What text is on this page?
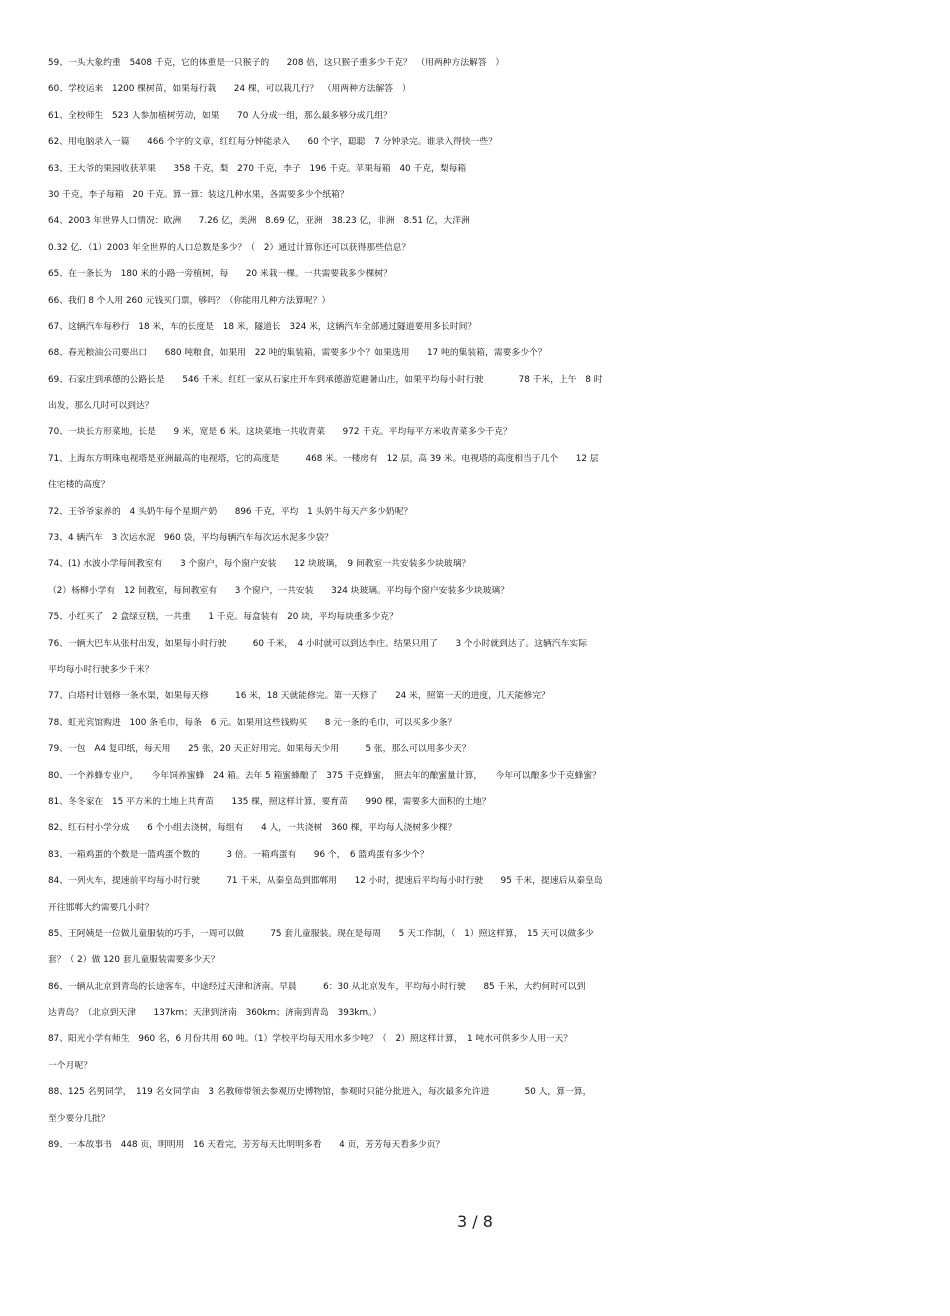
59、一头大象约重　5408 千克，它的体重是一只猴子的　　208 倍，这只猴子重多少千克？　（用两种方法解答　）
60、学校运来　1200 棵树苗，如果每行栽　　24 棵，可以栽几行？　（用两种方法解答　）
61、全校师生　523 人参加植树劳动，如果　　70 人分成一组，那么最多够分成几组？
62、用电脑录入一篇　　466 个字的文章，红红每分钟能录入　　60 个字，聪聪　7 分钟录完。谁录入得快一些？
63、王大爷的果园收获苹果　　358 千克，梨　270 千克，李子　196 千克。苹果每箱　40 千克，梨每箱
30 千克，李子每箱　20 千克。算一算：装这几种水果，各需要多少个纸箱？
64、2003 年世界人口情况：欧洲　　7.26 亿，美洲　8.69 亿，亚洲　38.23 亿，非洲　8.51 亿，大洋洲
0.32 亿．（1）2003 年全世界的人口总数是多少？（　2）通过计算你还可以获得那些信息？
65、在一条长为　180 米的小路一旁植树，每　　20 米栽一棵。一共需要栽多少棵树？
66、我们 8 个人用 260 元钱买门票，够吗？（你能用几种方法算呢？）
67、这辆汽车每秒行　18 米，车的长度是　18 米，隧道长　324 米，这辆汽车全部通过隧道要用多长时间？
68、春光粮油公司要出口　　680 吨粮食，如果用　22 吨的集装箱，需要多少个？如果选用　　17 吨的集装箱，需要多少个？
69、石家庄到承德的公路长是　　546 千米。红红一家从石家庄开车到承德游览避暑山庄，如果平均每小时行驶　　　　78 千米，上午　8 时
出发，那么几时可以到达？
70、一块长方形菜地，长是　　9 米，宽是 6 米。这块菜地一共收青菜　　972 千克。平均每平方米收青菜多少千克？
71、上海东方明珠电视塔是亚洲最高的电视塔，它的高度是　　　468 米。一楼房有　12 层，高 39 米。电视塔的高度相当于几个　　12 层
住宅楼的高度？
72、王爷爷家养的　4 头奶牛每个星期产奶　　896 千克，平均　1 头奶牛每天产多少奶呢？
73、4 辆汽车　3 次运水泥　960 袋，平均每辆汽车每次运水泥多少袋？
74、(1) 水波小学每间教室有　　3 个窗户，每个窗户安装　　12 块玻璃，　9 间教室一共安装多少块玻璃？
（2）杨柳小学有　12 间教室，每间教室有　　3 个窗户，一共安装　　324 块玻璃。平均每个窗户安装多少块玻璃？
75、小红买了　2 盒绿豆糕，一共重　　1 千克。每盒装有　20 块，平均每块重多少克？
76、一辆大巴车从张村出发，如果每小时行驶　　　60 千米，　4 小时就可以到达李庄。结果只用了　　3 个小时就到达了。这辆汽车实际
平均每小时行驶多少千米？
77、白塔村计划修一条水渠，如果每天修　　　16 米，18 天就能修完。第一天修了　　24 米，照第一天的进度，几天能修完？
78、虹光宾馆购进　100 条毛巾，每条　6 元。如果用这些钱购买　　8 元一条的毛巾，可以买多少条？
79、一包　A4 复印纸，每天用　　25 张，20 天正好用完。如果每天少用　　　5 张，那么可以用多少天？
80、一个养蜂专业户，　　今年饲养蜜蜂　24 箱。去年 5 箱蜜蜂酿了　375 千克蜂蜜，　照去年的酿蜜量计算，　　今年可以酿多少千克蜂蜜？
81、冬冬家在　15 平方米的土地上共育苗　　135 棵，照这样计算，要育苗　　990 棵，需要多大面积的土地？
82、红石村小学分成　　6 个小组去浇树，每组有　　4 人，一共浇树　360 棵，平均每人浇树多少棵？
83、一箱鸡蛋的个数是一篮鸡蛋个数的　　　3 倍。一箱鸡蛋有　　96 个，　6 篮鸡蛋有多少个？
84、一列火车，提速前平均每小时行驶　　　71 千米，从秦皇岛到邯郸用　　12 小时，提速后平均每小时行驶　　95 千米，提速后从秦皇岛
开往邯郸大约需要几小时？
85、王阿姨是一位做儿童服装的巧手，一周可以做　　　75 套儿童服装。现在是每周　　5 天工作制，（　1）照这样算，　15 天可以做多少
套？（ 2）做 120 套儿童服装需要多少天？
86、一辆从北京到青岛的长途客车，中途经过天津和济南。早晨　　　6：30 从北京发车，平均每小时行驶　　85 千米，大约何时可以到
达青岛？（北京到天津　　137km；天津到济南　360km；济南到青岛　393km。）
87、阳光小学有师生　960 名，6 月份共用 60 吨。（1）学校平均每天用水多少吨？（　2）照这样计算，　1 吨水可供多少人用一天？
一个月呢？
88、125 名男同学，　119 名女同学由　3 名教师带领去参观历史博物馆，参观时只能分批进入，每次最多允许进　　　　50 人，算一算，
至少要分几批？
89、一本故事书　448 页，明明用　16 天看完，芳芳每天比明明多看　　4 页，芳芳每天看多少页？
3 / 8
